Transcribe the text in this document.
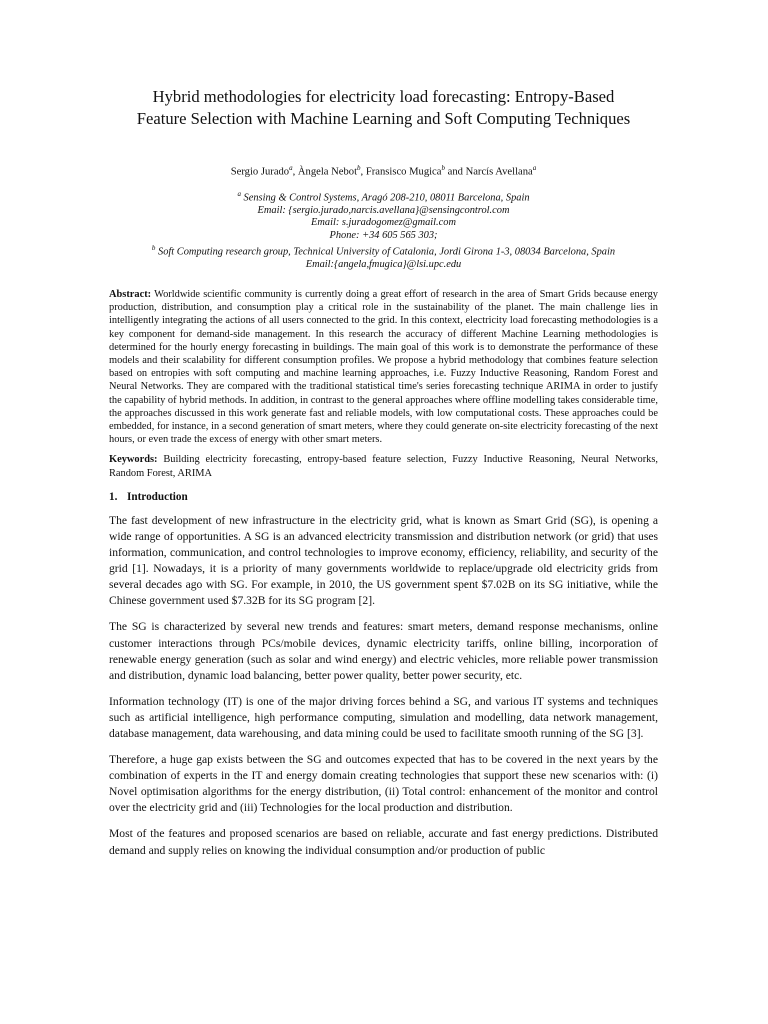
Hybrid methodologies for electricity load forecasting: Entropy-Based
Feature Selection with Machine Learning and Soft Computing Techniques
Sergio Jurado$^a$, Àngela Nebot$^b$, Fransisco Mugica$^b$ and Narcís Avellana$^a$
$^a$ Sensing & Control Systems, Aragó 208-210, 08011 Barcelona, Spain
Email: {sergio.jurado,narcis.avellana}@sensingcontrol.com
Email: s.juradogomez@gmail.com
Phone: +34 605 565 303;
$^b$ Soft Computing research group, Technical University of Catalonia, Jordi Girona 1-3, 08034 Barcelona, Spain
Email:{angela,fmugica}@lsi.upc.edu
Abstract: Worldwide scientific community is currently doing a great effort of research in the area of Smart Grids because energy production, distribution, and consumption play a critical role in the sustainability of the planet. The main challenge lies in intelligently integrating the actions of all users connected to the grid. In this context, electricity load forecasting methodologies is a key component for demand-side management. In this research the accuracy of different Machine Learning methodologies is determined for the hourly energy forecasting in buildings. The main goal of this work is to demonstrate the performance of these models and their scalability for different consumption profiles. We propose a hybrid methodology that combines feature selection based on entropies with soft computing and machine learning approaches, i.e. Fuzzy Inductive Reasoning, Random Forest and Neural Networks. They are compared with the traditional statistical time's series forecasting technique ARIMA in order to justify the capability of hybrid methods. In addition, in contrast to the general approaches where offline modelling takes considerable time, the approaches discussed in this work generate fast and reliable models, with low computational costs. These approaches could be embedded, for instance, in a second generation of smart meters, where they could generate on-site electricity forecasting of the next hours, or even trade the excess of energy with other smart meters.
Keywords: Building electricity forecasting, entropy-based feature selection, Fuzzy Inductive Reasoning, Neural Networks, Random Forest, ARIMA
1. Introduction

The fast development of new infrastructure in the electricity grid, what is known as Smart Grid (SG), is opening a wide range of opportunities. A SG is an advanced electricity transmission and distribution network (or grid) that uses information, communication, and control technologies to improve economy, efficiency, reliability, and security of the grid [1]. Nowadays, it is a priority of many governments worldwide to replace/upgrade old electricity grids from several decades ago with SG. For example, in 2010, the US government spent $7.02B on its SG initiative, while the Chinese government used $7.32B for its SG program [2].

The SG is characterized by several new trends and features: smart meters, demand response mechanisms, online customer interactions through PCs/mobile devices, dynamic electricity tariffs, online billing, incorporation of renewable energy generation (such as solar and wind energy) and electric vehicles, more reliable power transmission and distribution, dynamic load balancing, better power quality, better power security, etc.

Information technology (IT) is one of the major driving forces behind a SG, and various IT systems and techniques such as artificial intelligence, high performance computing, simulation and modelling, data network management, database management, data warehousing, and data mining could be used to facilitate smooth running of the SG [3].

Therefore, a huge gap exists between the SG and outcomes expected that has to be covered in the next years by the combination of experts in the IT and energy domain creating technologies that support these new scenarios with: (i) Novel optimisation algorithms for the energy distribution, (ii) Total control: enhancement of the monitor and control over the electricity grid and (iii) Technologies for the local production and distribution.

Most of the features and proposed scenarios are based on reliable, accurate and fast energy predictions. Distributed demand and supply relies on knowing the individual consumption and/or production of public
